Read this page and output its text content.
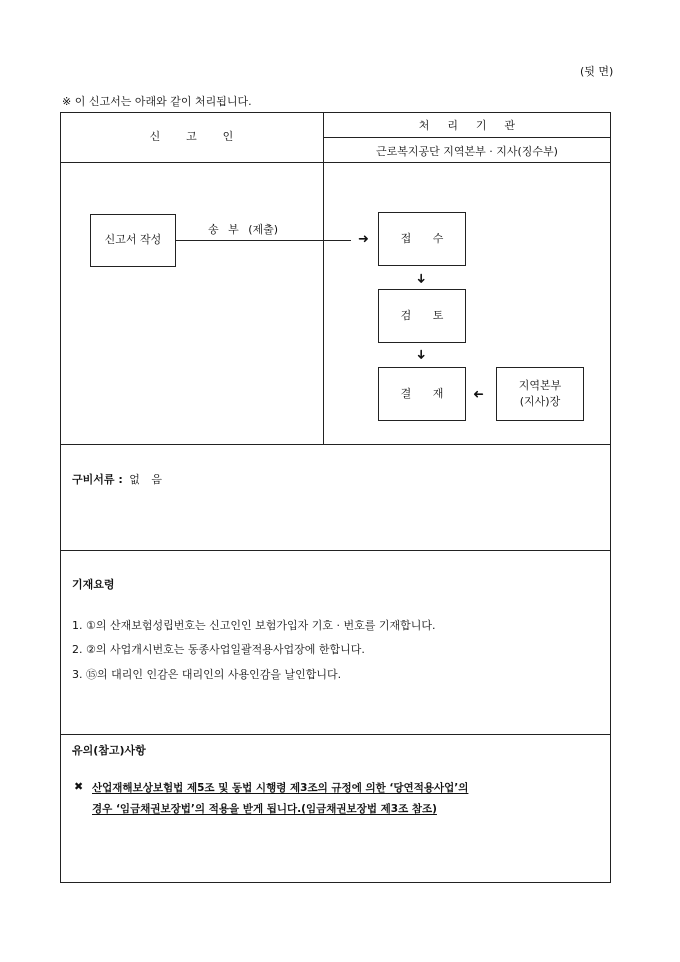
(뒷 면)
※ 이 신고서는 아래와 같이 처리됩니다.
신 고 인
처 리 기 관
근로복지공단 지역본부 · 지사(징수부)
신고서 작성
송 부 (제출)
➜	접 수
➜
검 토
➜
결 재 ➜
지역본부
(지사)장
구비서류 : 없 음
기재요령
1. ①의 산재보험성립번호는 신고인인 보험가입자 기호 · 번호를 기재합니다.
2. ②의 사업개시번호는 동종사업일괄적용사업장에 한합니다.
3. ⑮의 대리인 인감은 대리인의 사용인감을 날인합니다.
유의(참고)사항
✖ 산업재해보상보험법 제5조 및 동법 시행령 제3조의 규정에 의한 ‘당연적용사업’의
경우 ‘임금채권보장법’의 적용을 받게 됩니다.(임금채권보장법 제3조 참조)
